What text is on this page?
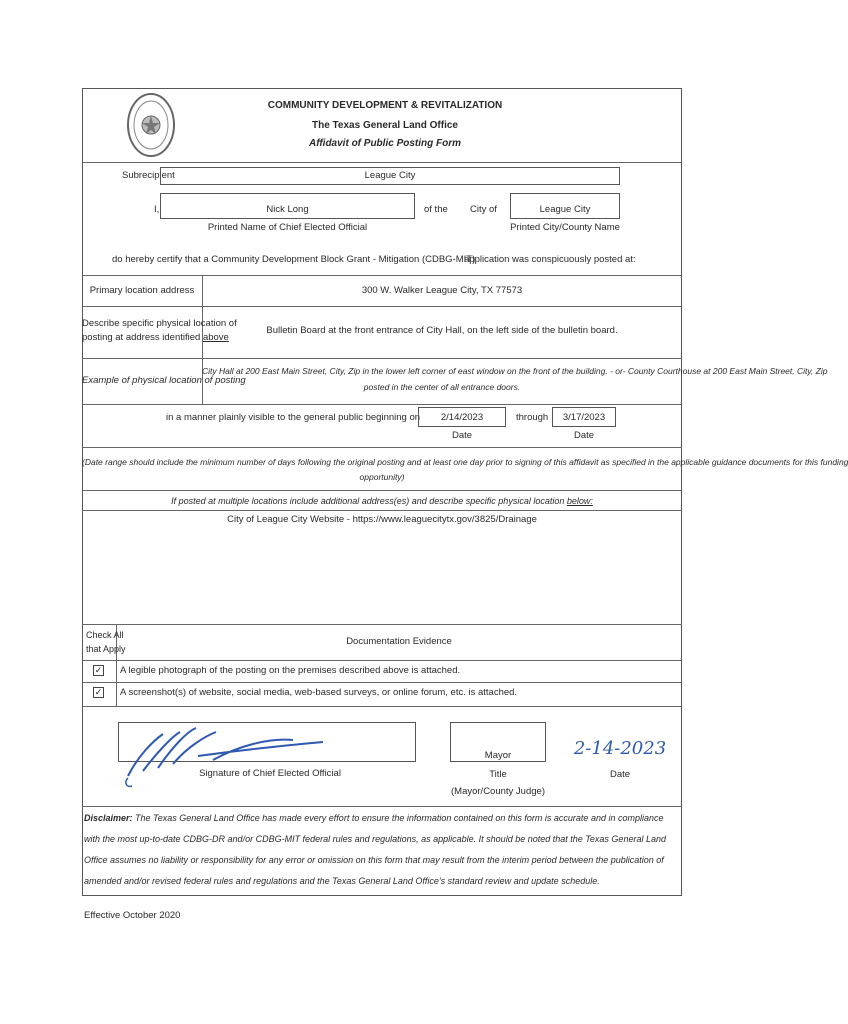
COMMUNITY DEVELOPMENT & REVITALIZATION
The Texas General Land Office
Affidavit of Public Posting Form
Subrecipient	League City
I,	Nick Long
Printed Name of Chief Elected Official
of the City of	League City
Printed City/County Name
do hereby certify that a Community Development Block Grant - Mitigation (CDBG-MIT)
application was conspicuously posted at:
Primary location address	300 W. Walker League City, TX 77573
Describe specific physical location of
posting at address identified above
Bulletin Board at the front entrance of City Hall, on the left side of the bulletin board.
Example of physical location of posting
City Hall at 200 East Main Street, City, Zip in the lower left corner of east window on the front of the building. - or- County Courthouse at 200 East Main Street, City, Zip
posted in the center of all entrance doors.
in a manner plainly visible to the general public beginning on	2/14/2023
Date
through	3/17/2023
Date
(Date range should include the minimum number of days following the original posting and at least one day prior to signing of this affidavit as specified in the applicable guidance documents for this funding
opportunity)
If posted at multiple locations include additional address(es) and describe specific physical location below:
City of League City Website - https://www.leaguecitytx.gov/3825/Drainage
Check All
that Apply
Documentation Evidence
✓ A legible photograph of the posting on the premises described above is attached.
✓ A screenshot(s) of website, social media, web-based surveys, or online forum, etc. is attached.
Signature of Chief Elected Official
Mayor
Title
(Mayor/County Judge)
2-14-2023
Date
Disclaimer: The Texas General Land Office has made every effort to ensure the information contained on this form is accurate and in compliance with the most up-to-date CDBG-DR and/or CDBG-MIT federal rules and regulations, as applicable. It should be noted that the Texas General Land Office assumes no liability or responsibility for any error or omission on this form that may result from the interim period between the publication of amended and/or revised federal rules and regulations and the Texas General Land Office's standard review and update schedule.
Effective October 2020
